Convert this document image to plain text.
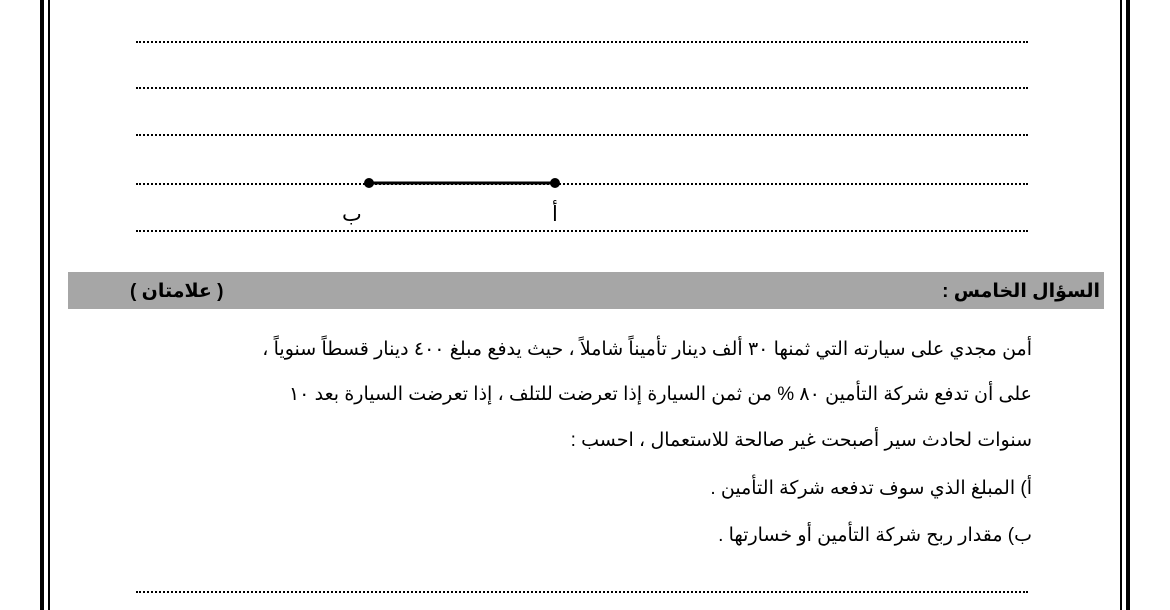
ب	أ
السؤال الخامس :
( علامتان )
أمن مجدي على سيارته التي ثمنها ٣٠ ألف دينار تأميناً شاملاً ، حيث يدفع مبلغ ٤٠٠ دينار قسطاً سنوياً ،
على أن تدفع شركة التأمين ٨٠ % من ثمن السيارة إذا تعرضت للتلف ، إذا تعرضت السيارة بعد ١٠
سنوات لحادث سير أصبحت غير صالحة للاستعمال ، احسب :
أ) المبلغ الذي سوف تدفعه شركة التأمين .
ب) مقدار ربح شركة التأمين أو خسارتها .
